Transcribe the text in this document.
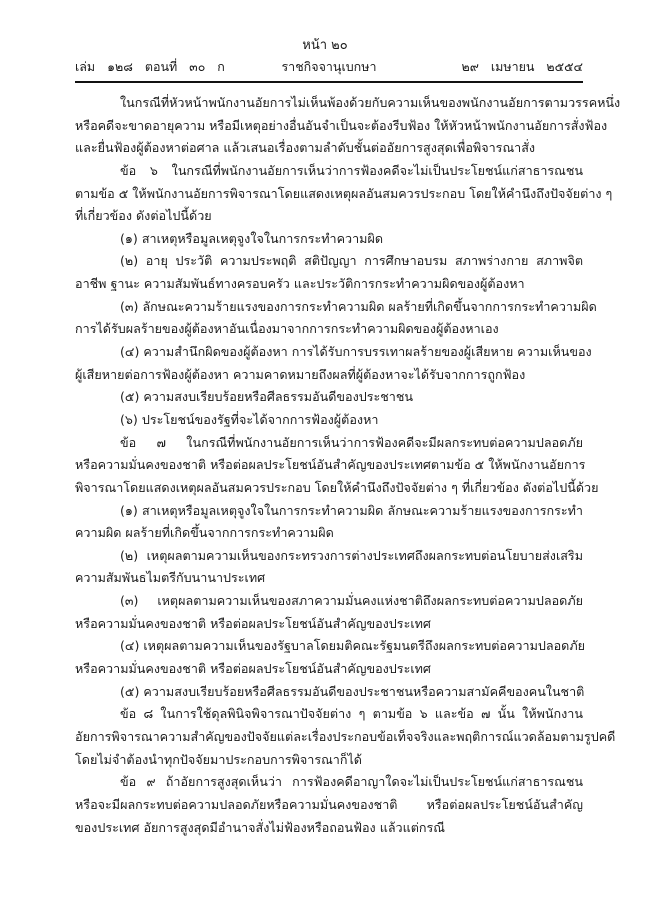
หน้า ๒๐
เล่ม   ๑๒๘   ตอนที่   ๓๐   ก	ราชกิจจานุเบกษา	๒๙   เมษายน   ๒๕๕๔
ในกรณีที่หัวหน้าพนักงานอัยการไม่เห็นพ้องด้วยกับความเห็นของพนักงานอัยการตามวรรคหนึ่ง
หรือคดีจะขาดอายุความ หรือมีเหตุอย่างอื่นอันจำเป็นจะต้องรีบฟ้อง ให้หัวหน้าพนักงานอัยการสั่งฟ้อง
และยื่นฟ้องผู้ต้องหาต่อศาล แล้วเสนอเรื่องตามลำดับชั้นต่ออัยการสูงสุดเพื่อพิจารณาสั่ง
ข้อ ๖ ในกรณีที่พนักงานอัยการเห็นว่าการฟ้องคดีจะไม่เป็นประโยชน์แก่สาธารณชน
ตามข้อ ๕ ให้พนักงานอัยการพิจารณาโดยแสดงเหตุผลอันสมควรประกอบ โดยให้คำนึงถึงปัจจัยต่าง ๆ
ที่เกี่ยวข้อง ดังต่อไปนี้ด้วย
(๑) สาเหตุหรือมูลเหตุจูงใจในการกระทำความผิด
(๒) อายุ ประวัติ ความประพฤติ สติปัญญา การศึกษาอบรม สภาพร่างกาย สภาพจิต
อาชีพ ฐานะ ความสัมพันธ์ทางครอบครัว และประวัติการกระทำความผิดของผู้ต้องหา
(๓) ลักษณะความร้ายแรงของการกระทำความผิด ผลร้ายที่เกิดขึ้นจากการกระทำความผิด
การได้รับผลร้ายของผู้ต้องหาอันเนื่องมาจากการกระทำความผิดของผู้ต้องหาเอง
(๔) ความสำนึกผิดของผู้ต้องหา การได้รับการบรรเทาผลร้ายของผู้เสียหาย ความเห็นของ
ผู้เสียหายต่อการฟ้องผู้ต้องหา ความคาดหมายถึงผลที่ผู้ต้องหาจะได้รับจากการถูกฟ้อง
(๕) ความสงบเรียบร้อยหรือศีลธรรมอันดีของประชาชน
(๖) ประโยชน์ของรัฐที่จะได้จากการฟ้องผู้ต้องหา
ข้อ ๗ ในกรณีที่พนักงานอัยการเห็นว่าการฟ้องคดีจะมีผลกระทบต่อความปลอดภัย
หรือความมั่นคงของชาติ หรือต่อผลประโยชน์อันสำคัญของประเทศตามข้อ ๕ ให้พนักงานอัยการ
พิจารณาโดยแสดงเหตุผลอันสมควรประกอบ โดยให้คำนึงถึงปัจจัยต่าง ๆ ที่เกี่ยวข้อง ดังต่อไปนี้ด้วย
(๑) สาเหตุหรือมูลเหตุจูงใจในการกระทำความผิด ลักษณะความร้ายแรงของการกระทำ
ความผิด ผลร้ายที่เกิดขึ้นจากการกระทำความผิด
(๒) เหตุผลตามความเห็นของกระทรวงการต่างประเทศถึงผลกระทบต่อนโยบายส่งเสริม
ความสัมพันธไมตรีกับนานาประเทศ
(๓) เหตุผลตามความเห็นของสภาความมั่นคงแห่งชาติถึงผลกระทบต่อความปลอดภัย
หรือความมั่นคงของชาติ หรือต่อผลประโยชน์อันสำคัญของประเทศ
(๔) เหตุผลตามความเห็นของรัฐบาลโดยมติคณะรัฐมนตรีถึงผลกระทบต่อความปลอดภัย
หรือความมั่นคงของชาติ หรือต่อผลประโยชน์อันสำคัญของประเทศ
(๕) ความสงบเรียบร้อยหรือศีลธรรมอันดีของประชาชนหรือความสามัคคีของคนในชาติ
ข้อ ๘ ในการใช้ดุลพินิจพิจารณาปัจจัยต่าง ๆ ตามข้อ ๖ และข้อ ๗ นั้น ให้พนักงาน
อัยการพิจารณาความสำคัญของปัจจัยแต่ละเรื่องประกอบข้อเท็จจริงและพฤติการณ์แวดล้อมตามรูปคดี
โดยไม่จำต้องนำทุกปัจจัยมาประกอบการพิจารณาก็ได้
ข้อ ๙ ถ้าอัยการสูงสุดเห็นว่า การฟ้องคดีอาญาใดจะไม่เป็นประโยชน์แก่สาธารณชน
หรือจะมีผลกระทบต่อความปลอดภัยหรือความมั่นคงของชาติ หรือต่อผลประโยชน์อันสำคัญ
ของประเทศ อัยการสูงสุดมีอำนาจสั่งไม่ฟ้องหรือถอนฟ้อง แล้วแต่กรณี
